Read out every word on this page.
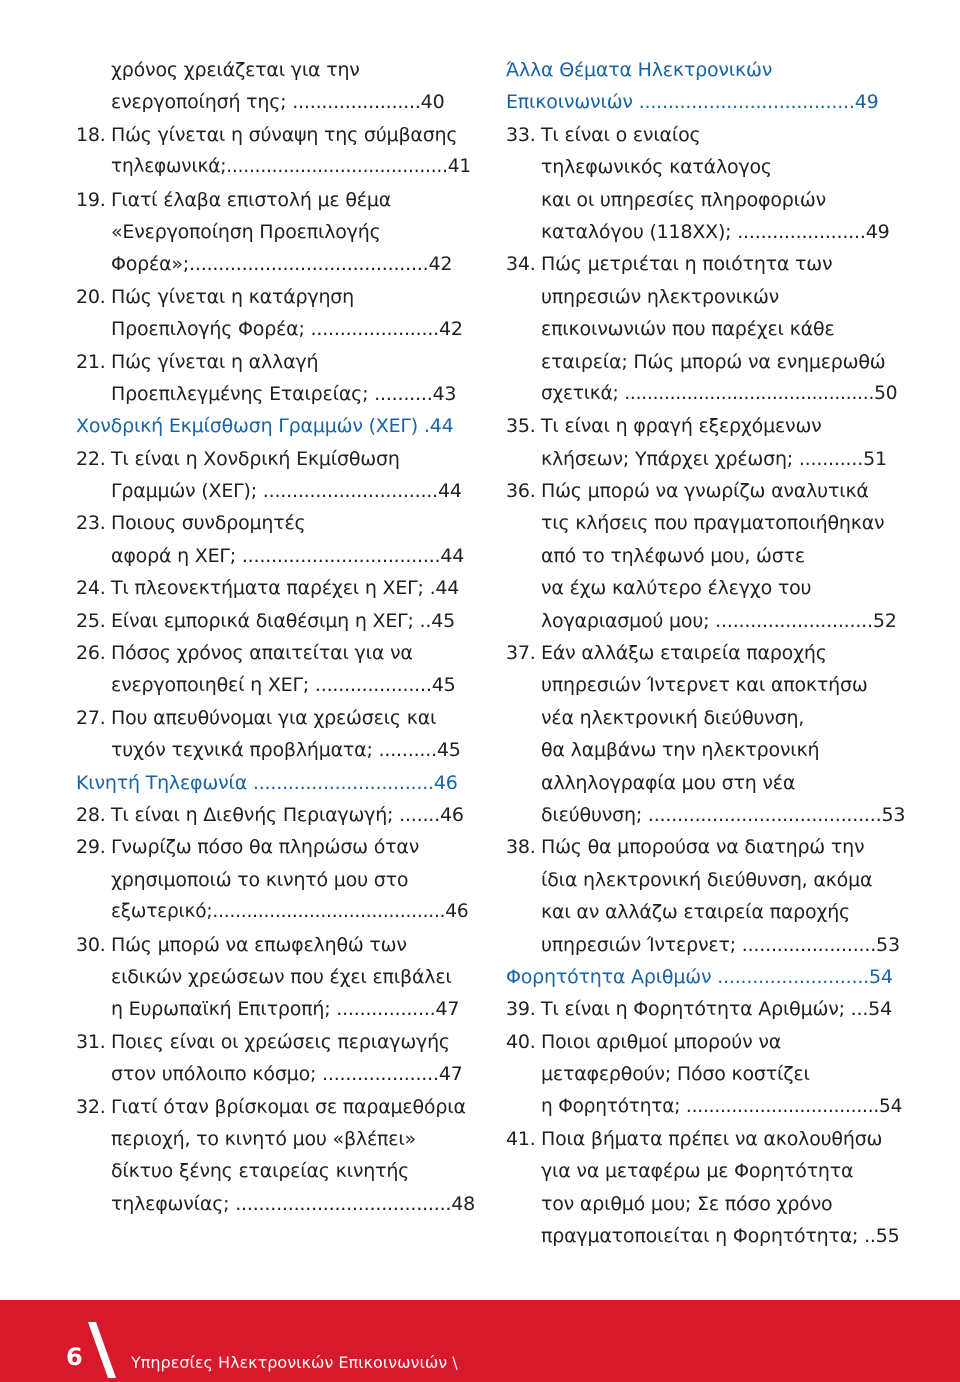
χρόνος χρειάζεται για την
ενεργοποίησή της; ......................40
18. Πώς γίνεται η σύναψη της σύμβασης
τηλεφωνικά;.......................................41
19. Γιατί έλαβα επιστολή με θέμα
«Ενεργοποίηση Προεπιλογής
Φορέα»;.........................................42
20. Πώς γίνεται η κατάργηση
Προεπιλογής Φορέα; ......................42
21. Πώς γίνεται η αλλαγή
Προεπιλεγμένης Εταιρείας; ..........43
Χονδρική Εκμίσθωση Γραμμών (ΧΕΓ) .44
22. Τι είναι η Χονδρική Εκμίσθωση
Γραμμών (ΧΕΓ); ..............................44
23. Ποιους συνδρομητές
αφορά η ΧΕΓ; ..................................44
24. Τι πλεονεκτήματα παρέχει η ΧΕΓ; .44
25. Είναι εμπορικά διαθέσιμη η ΧΕΓ; ..45
26. Πόσος χρόνος απαιτείται για να
ενεργοποιηθεί η ΧΕΓ; ....................45
27. Που απευθύνομαι για χρεώσεις και
τυχόν τεχνικά προβλήματα; ..........45
Κινητή Τηλεφωνία ...............................46
28. Τι είναι η Διεθνής Περιαγωγή; .......46
29. Γνωρίζω πόσο θα πληρώσω όταν
χρησιμοποιώ το κινητό μου στο
εξωτερικό;.........................................46
30. Πώς μπορώ να επωφεληθώ των
ειδικών χρεώσεων που έχει επιβάλει
η Ευρωπαϊκή Επιτροπή; .................47
31. Ποιες είναι οι χρεώσεις περιαγωγής
στον υπόλοιπο κόσμο; ....................47
32. Γιατί όταν βρίσκομαι σε παραμεθόρια
περιοχή, το κινητό μου «βλέπει»
δίκτυο ξένης εταιρείας κινητής
τηλεφωνίας; .....................................48
Άλλα Θέματα Ηλεκτρονικών
Επικοινωνιών .....................................49
33. Τι είναι ο ενιαίος
τηλεφωνικός κατάλογος
και οι υπηρεσίες πληροφοριών
καταλόγου (118ΧΧ); ......................49
34. Πώς μετριέται η ποιότητα των
υπηρεσιών ηλεκτρονικών
επικοινωνιών που παρέχει κάθε
εταιρεία; Πώς μπορώ να ενημερωθώ
σχετικά; ............................................50
35. Τι είναι η φραγή εξερχόμενων
κλήσεων; Υπάρχει χρέωση; ...........51
36. Πώς μπορώ να γνωρίζω αναλυτικά
τις κλήσεις που πραγματοποιήθηκαν
από το τηλέφωνό μου, ώστε
να έχω καλύτερο έλεγχο του
λογαριασμού μου; ...........................52
37. Εάν αλλάξω εταιρεία παροχής
υπηρεσιών Ίντερνετ και αποκτήσω
νέα ηλεκτρονική διεύθυνση,
θα λαμβάνω την ηλεκτρονική
αλληλογραφία μου στη νέα
διεύθυνση; ........................................53
38. Πώς θα μπορούσα να διατηρώ την
ίδια ηλεκτρονική διεύθυνση, ακόμα
και αν αλλάζω εταιρεία παροχής
υπηρεσιών Ίντερνετ; .......................53
Φορητότητα Αριθμών ..........................54
39. Τι είναι η Φορητότητα Αριθμών; ...54
40. Ποιοι αριθμοί μπορούν να
μεταφερθούν; Πόσο κοστίζει
η Φορητότητα; ..................................54
41. Ποια βήματα πρέπει να ακολουθήσω
για να μεταφέρω με Φορητότητα
τον αριθμό μου; Σε πόσο χρόνο
πραγματοποιείται η Φορητότητα; ..55
6	Υπηρεσίες Ηλεκτρονικών Επικοινωνιών \
